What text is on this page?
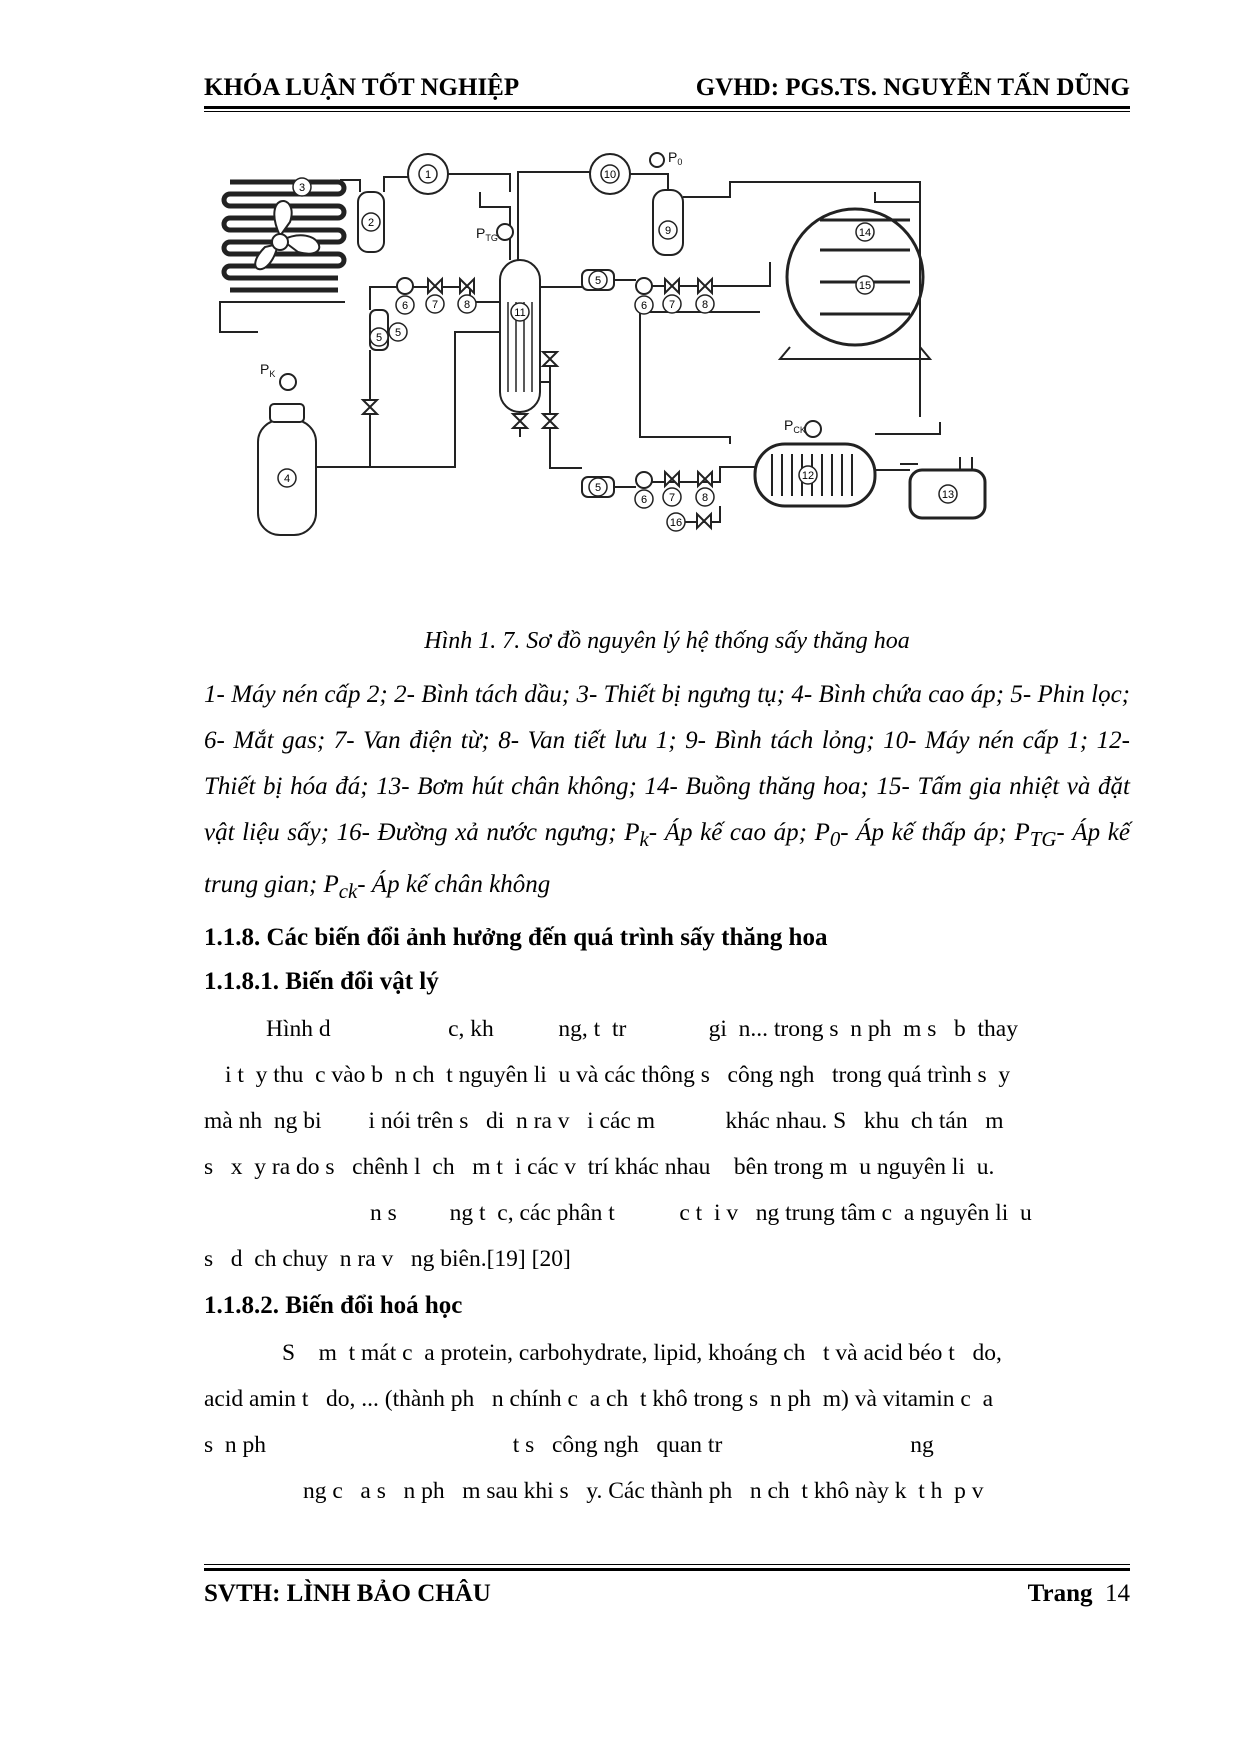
KHÓA LUẬN TỐT NGHIỆP	GVHD: PGS.TS. NGUYỄN TẤN DŨNG
$P_K$
$P_{TG}$
$P_0$
$P_{CK}$
1
2
3
4
5
5
5
5
6	6
6
7	7
7
8	8
8
9
10
11
12
13
14
15
16
Hình 1. 7. Sơ đồ nguyên lý hệ thống sấy thăng hoa

1- Máy nén cấp 2; 2- Bình tách dầu; 3- Thiết bị ngưng tụ; 4- Bình chứa cao áp; 5- Phin lọc; 6- Mắt gas; 7- Van điện từ; 8- Van tiết lưu 1; 9- Bình tách lỏng; 10- Máy nén cấp 1; 12- Thiết bị hóa đá; 13- Bơm hút chân không; 14- Buồng thăng hoa; 15- Tấm gia nhiệt và đặt vật liệu sấy; 16- Đường xả nước ngưng; $P_k-$ Áp kế cao áp; $P_0-$ Áp kế thấp áp; $P_{TG}-$ Áp kế trung gian; $P_{ck}-$ Áp kế chân không

1.1.8. Các biến đổi ảnh hưởng đến quá trình sấy thăng hoa
1.1.8.1. Biến đổi vật lý
Hình d                    c, kh           ng, t  tr              gi  n... trong s  n ph  m s   b  thay
i t  y thu  c vào b  n ch  t nguyên li  u và các thông s   công ngh   trong quá trình s  y
mà nh  ng bi        i nói trên s   di  n ra v   i các m            khác nhau. S   khu  ch tán   m
s   x  y ra do s   chênh l  ch   m t  i các v  trí khác nhau    bên trong m  u nguyên li  u.
n s         ng t  c, các phân t           c t  i v   ng trung tâm c  a nguyên li  u
s   d  ch chuy  n ra v   ng biên.[19] [20]
1.1.8.2. Biến đổi hoá học
S    m  t mát c  a protein, carbohydrate, lipid, khoáng ch   t và acid béo t   do,
acid amin t   do, ... (thành ph   n chính c  a ch  t khô trong s  n ph  m) và vitamin c  a
s  n ph                                          t s   công ngh   quan tr                                ng
ng c   a s   n ph   m sau khi s   y. Các thành ph   n ch  t khô này k  t h  p v
SVTH: LÌNH BẢO CHÂU	Trang 14
